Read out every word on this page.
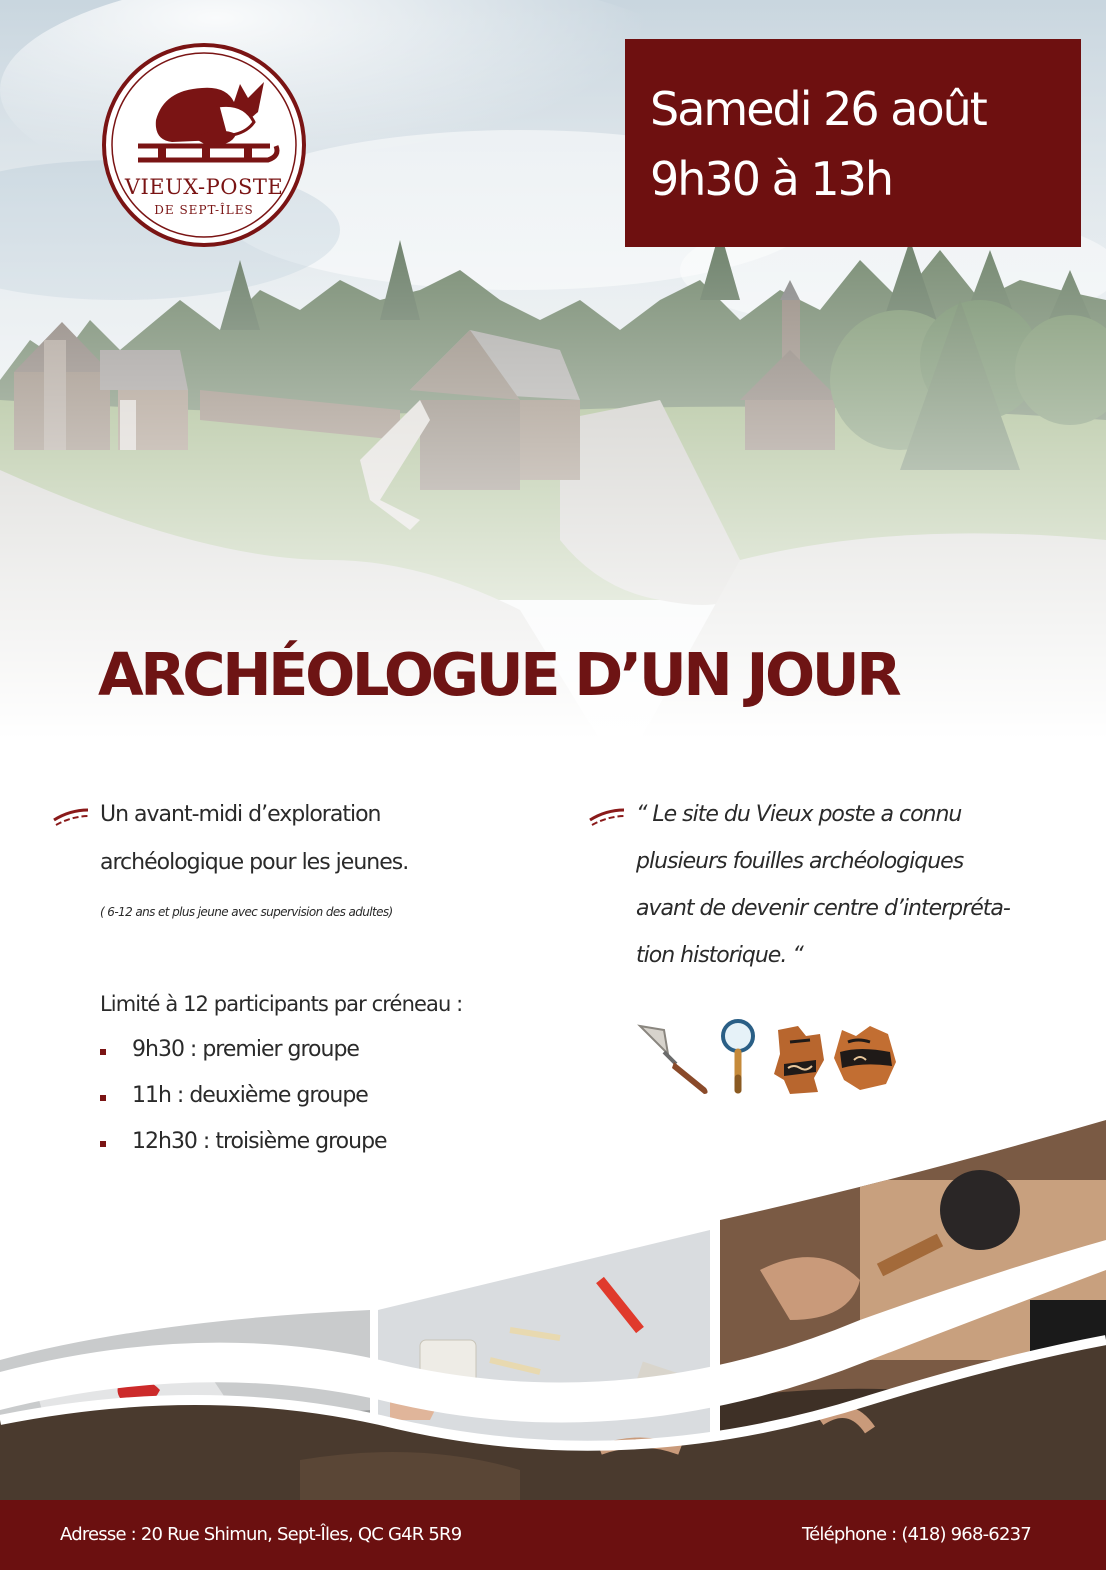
VIEUX-POSTE
DE SEPT-ÎLES
Samedi 26 août
9h30 à 13h
ARCHÉOLOGUE D’UN JOUR
Un avant-midi d’exploration
archéologique pour les jeunes.
( 6-12 ans et plus jeune avec supervision des adultes)
Limité à 12 participants par créneau :
9h30 : premier groupe
11h : deuxième groupe
12h30 : troisième groupe
“ Le site du Vieux poste a connu
plusieurs fouilles archéologiques
avant de devenir centre d’interpréta-
tion historique. “
Adresse : 20 Rue Shimun, Sept-Îles, QC G4R 5R9	Téléphone : (418) 968-6237
